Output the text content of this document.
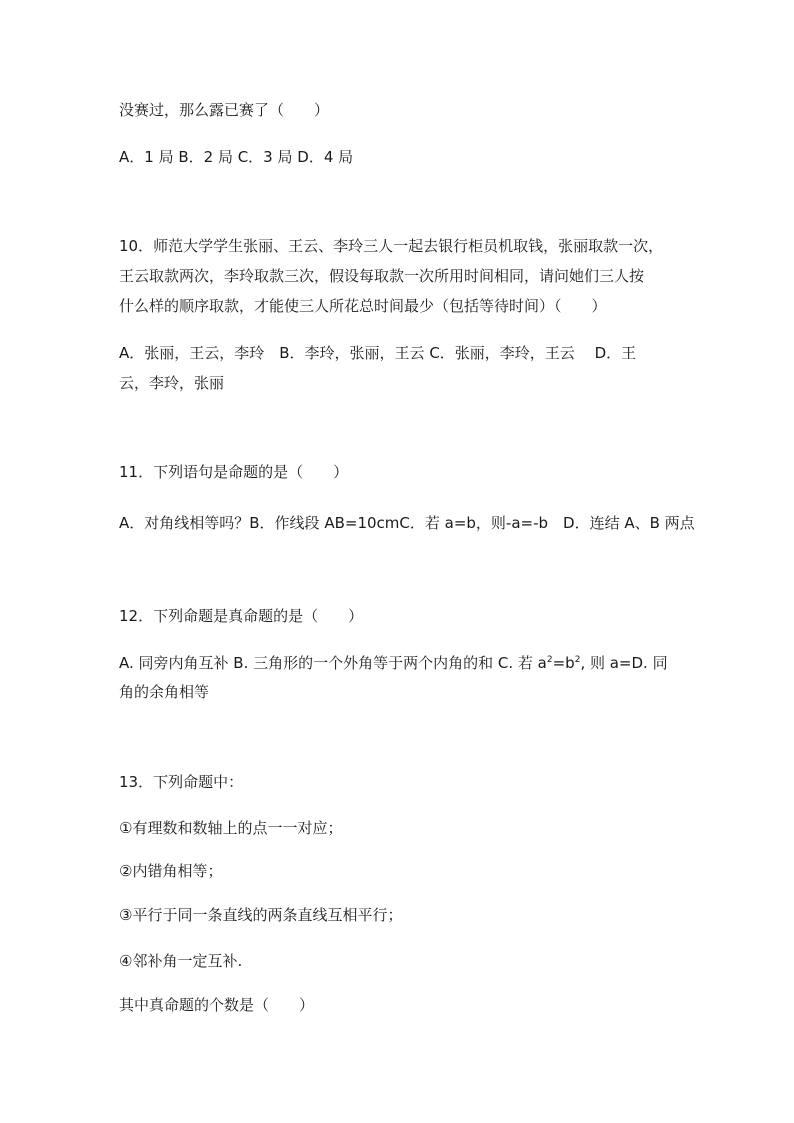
没赛过，那么露已赛了（　　）
A．1 局 B．2 局 C．3 局 D．4 局
10．师范大学学生张丽、王云、李玲三人一起去银行柜员机取钱，张丽取款一次，
王云取款两次，李玲取款三次，假设每取款一次所用时间相同，请问她们三人按
什么样的顺序取款，才能使三人所花总时间最少（包括等待时间）（　　）
A．张丽，王云，李玲　B．李玲，张丽，王云 C．张丽，李玲，王云　 D．王
云，李玲，张丽
11．下列语句是命题的是（　　）
A．对角线相等吗？B．作线段 AB=10cmC．若 a=b，则-a=-b　D．连结 A、B 两点
12．下列命题是真命题的是（　　）
A. 同旁内角互补 B. 三角形的一个外角等于两个内角的和 C. 若 $a^2=b^2$, 则 a=D. 同
角的余角相等
13．下列命题中：
①有理数和数轴上的点一一对应；
②内错角相等；
③平行于同一条直线的两条直线互相平行；
④邻补角一定互补.
其中真命题的个数是（　　）
